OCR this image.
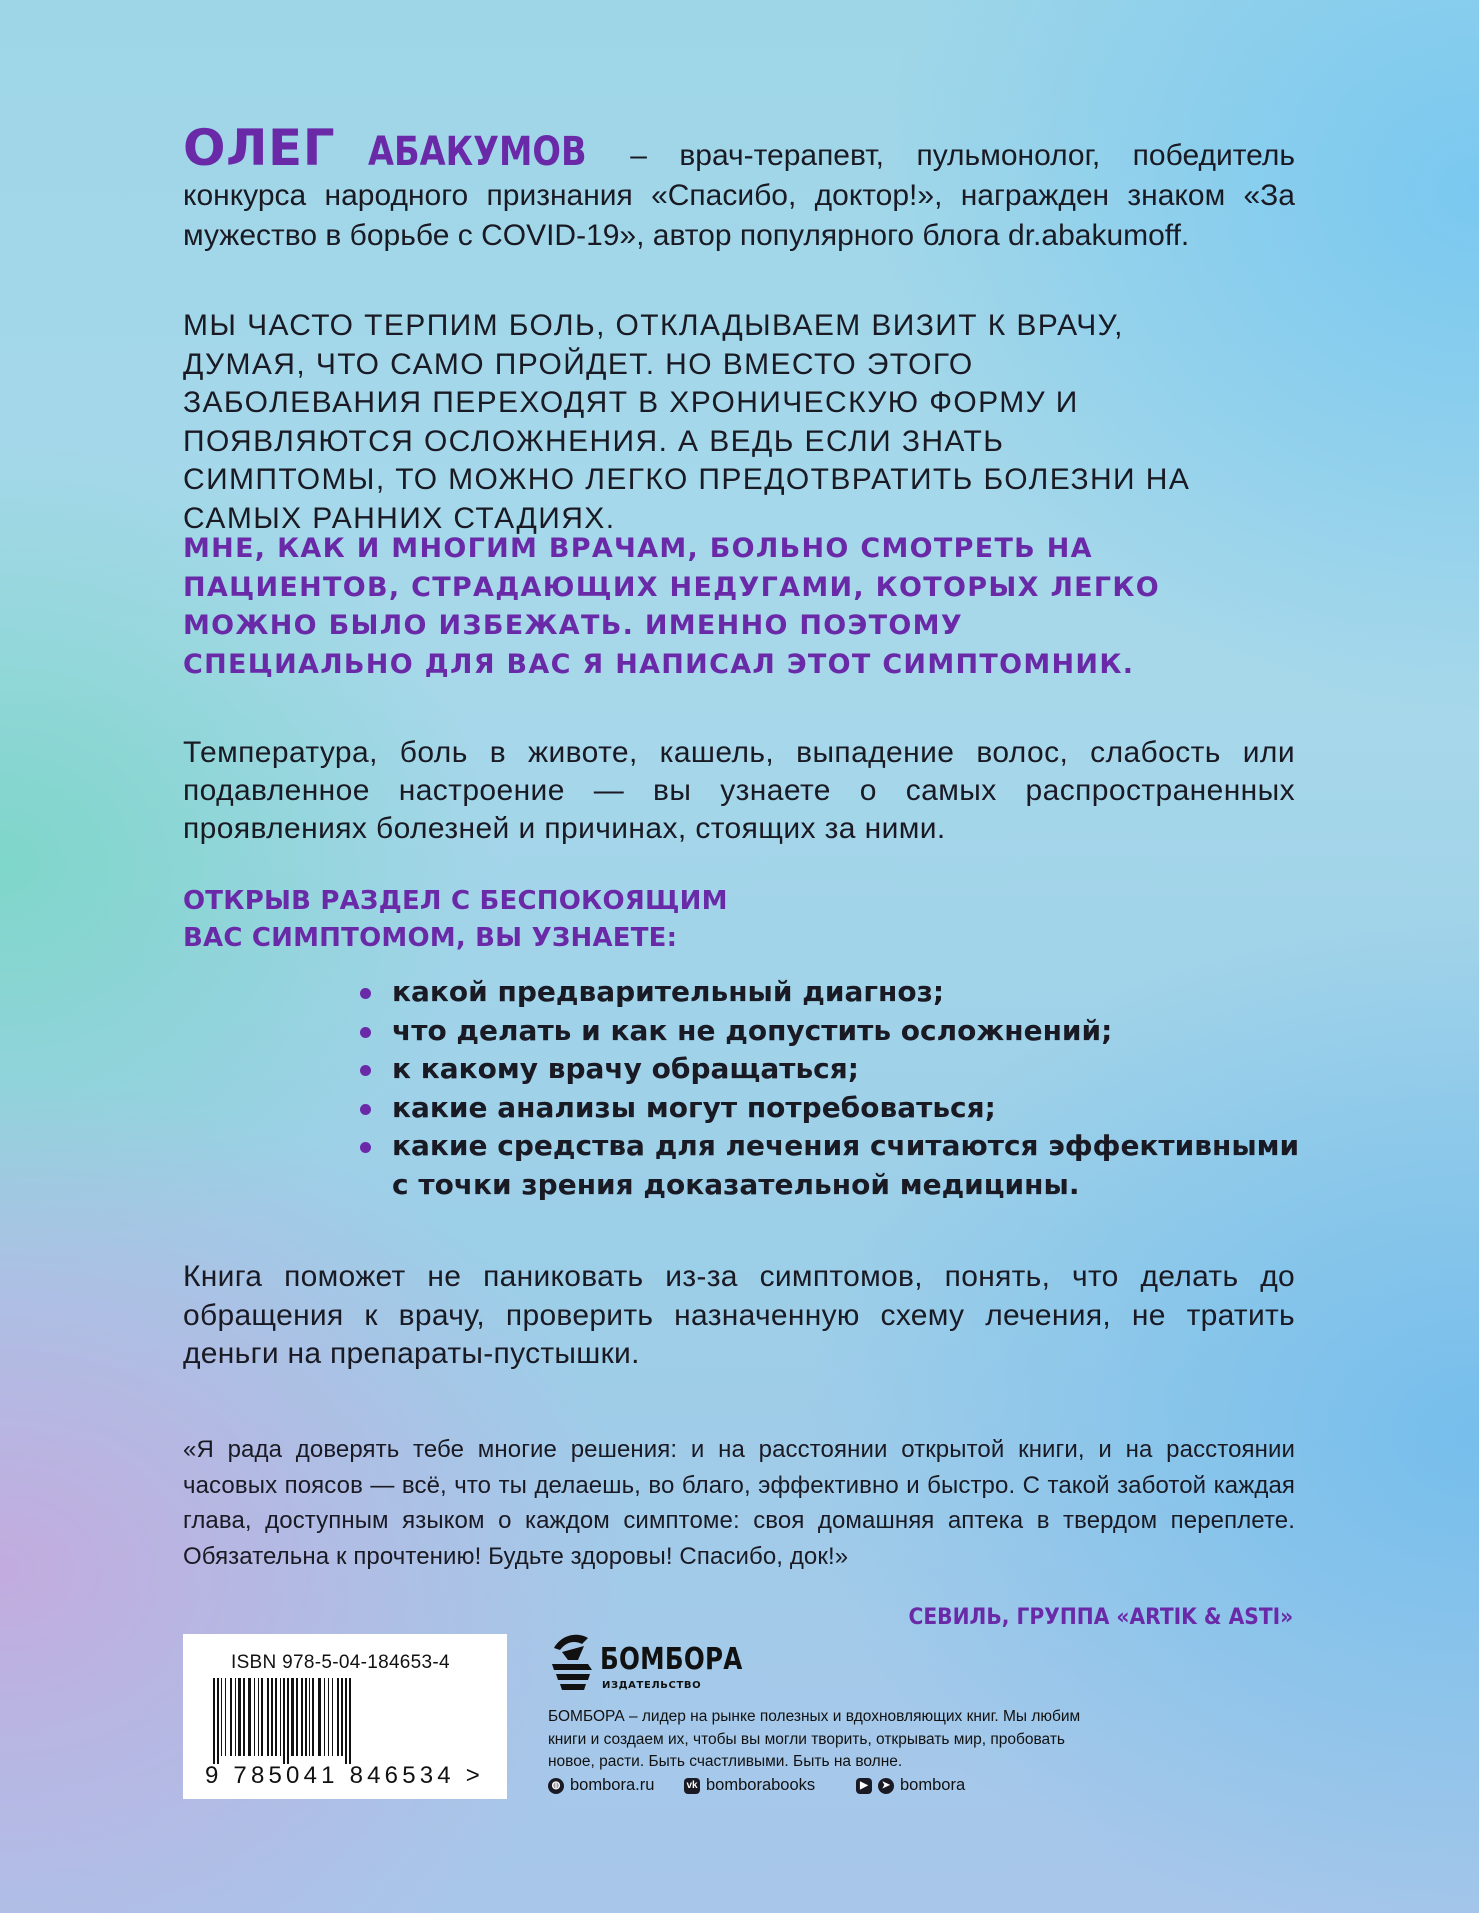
ОЛЕГ АБАКУМОВ – врач-терапевт, пульмонолог, победитель конкурса народного признания «Спасибо, доктор!», награжден знаком «За мужество в борьбе с COVID-19», автор популярного блога dr.abakumoff.
МЫ ЧАСТО ТЕРПИМ БОЛЬ, ОТКЛАДЫВАЕМ ВИЗИТ К ВРАЧУ, ДУМАЯ, ЧТО САМО ПРОЙДЕТ. НО ВМЕСТО ЭТОГО ЗАБОЛЕВАНИЯ ПЕРЕХОДЯТ В ХРОНИЧЕСКУЮ ФОРМУ И ПОЯВЛЯЮТСЯ ОСЛОЖНЕНИЯ. А ВЕДЬ ЕСЛИ ЗНАТЬ СИМПТОМЫ, ТО МОЖНО ЛЕГКО ПРЕДОТВРАТИТЬ БОЛЕЗНИ НА САМЫХ РАННИХ СТАДИЯХ.
МНЕ, КАК И МНОГИМ ВРАЧАМ, БОЛЬНО СМОТРЕТЬ НА ПАЦИЕНТОВ, СТРАДАЮЩИХ НЕДУГАМИ, КОТОРЫХ ЛЕГКО МОЖНО БЫЛО ИЗБЕЖАТЬ. ИМЕННО ПОЭТОМУ СПЕЦИАЛЬНО ДЛЯ ВАС Я НАПИСАЛ ЭТОТ СИМПТОМНИК.
Температура, боль в животе, кашель, выпадение волос, слабость или подавленное настроение — вы узнаете о самых распространенных проявлениях болезней и причинах, стоящих за ними.
ОТКРЫВ РАЗДЕЛ С БЕСПОКОЯЩИМ
ВАС СИМПТОМОМ, ВЫ УЗНАЕТЕ:
какой предварительный диагноз;
что делать и как не допустить осложнений;
к какому врачу обращаться;
какие анализы могут потребоваться;
какие средства для лечения считаются эффективными с точки зрения доказательной медицины.
Книга поможет не паниковать из-за симптомов, понять, что делать до обращения к врачу, проверить назначенную схему лечения, не тратить деньги на препараты-пустышки.
«Я рада доверять тебе многие решения: и на расстоянии открытой книги, и на расстоянии часовых поясов — всё, что ты делаешь, во благо, эффективно и быстро. С такой заботой каждая глава, доступным языком о каждом симптоме: своя домашняя аптека в твердом переплете. Обязательна к прочтению! Будьте здоровы! Спасибо, док!»
СЕВИЛЬ, ГРУППА «ARTIK & ASTI»
ISBN 978-5-04-184653-4
9 785041 846534 >
БОМБОРА
ИЗДАТЕЛЬСТВО
БОМБОРА – лидер на рынке полезных и вдохновляющих книг. Мы любим книги и создаем их, чтобы вы могли творить, открывать мир, пробовать новое, расти. Быть счастливыми. Быть на волне.
◍ bombora.ru	vk bomborabooks	▶	➤ bombora
